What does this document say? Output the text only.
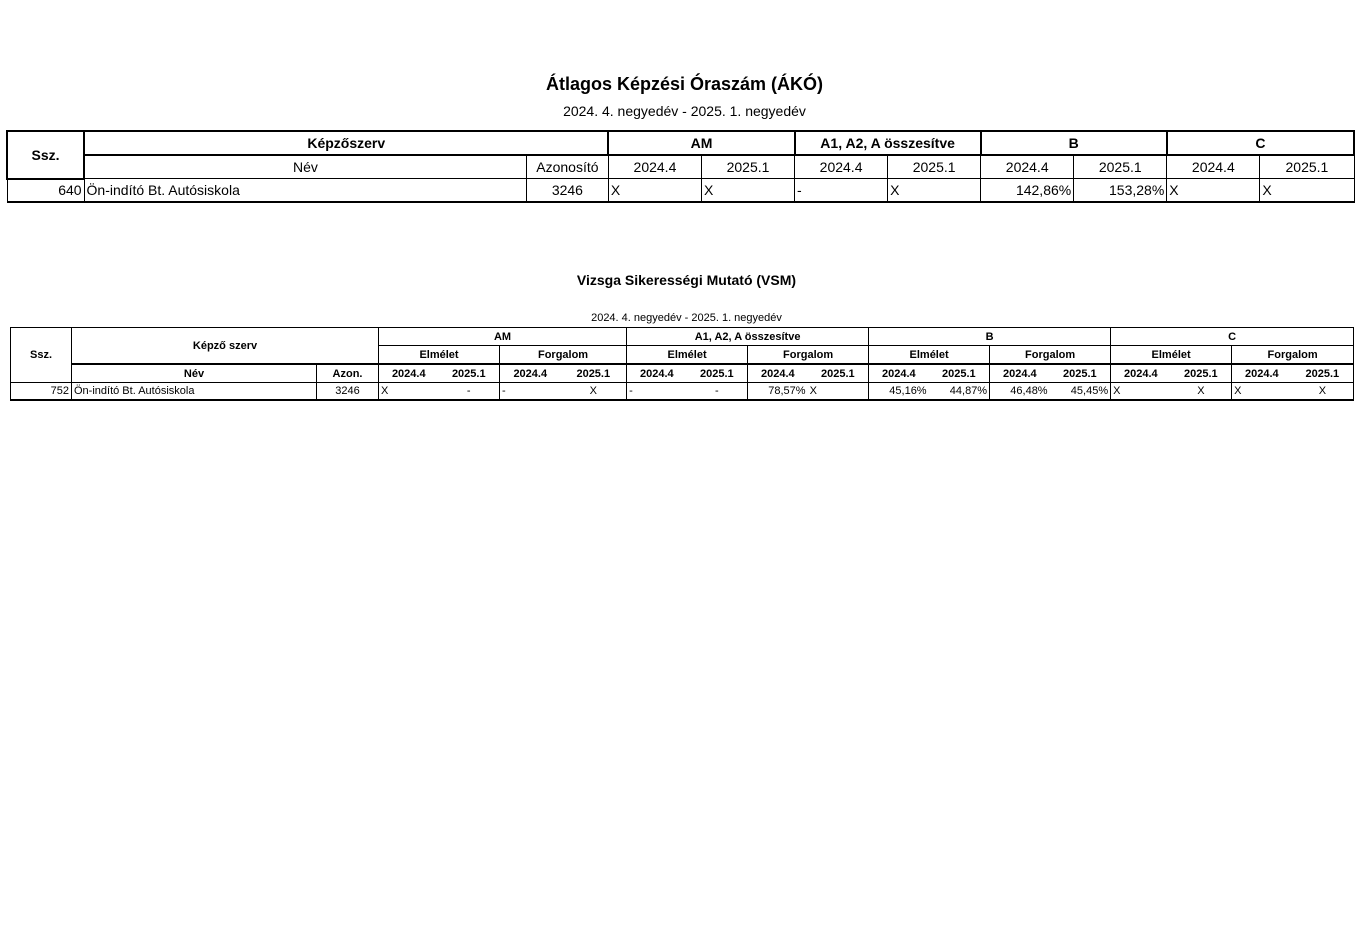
Átlagos Képzési Óraszám (ÁKÓ)
2024. 4. negyedév - 2025. 1. negyedév
Ssz.	Képzőszerv		AM		A1, A2, A összesítve		B		C	
	Név	Azonosító	2024.4	2025.1	2024.4	2025.1	2024.4	2025.1	2024.4	2025.1
640	Ön-indító Bt. Autósiskola	3246	X	X	-	X	142,86%	153,28%	X	X
Vizsga Sikerességi Mutató (VSM)
2024. 4. negyedév - 2025. 1. negyedév
Ssz.	Képző szerv		AM				A1, A2, A összesítve				B				C			
			Elmélet		Forgalom		Elmélet		Forgalom		Elmélet		Forgalom		Elmélet		Forgalom	
	Név	Azon.	2024.4	2025.1	2024.4	2025.1	2024.4	2025.1	2024.4	2025.1	2024.4	2025.1	2024.4	2025.1	2024.4	2025.1	2024.4	2025.1
752	Ön-indító Bt. Autósiskola	3246	X	-	-	X	-	-	78,57%	X	45,16%	44,87%	46,48%	45,45%	X	X	X	X
